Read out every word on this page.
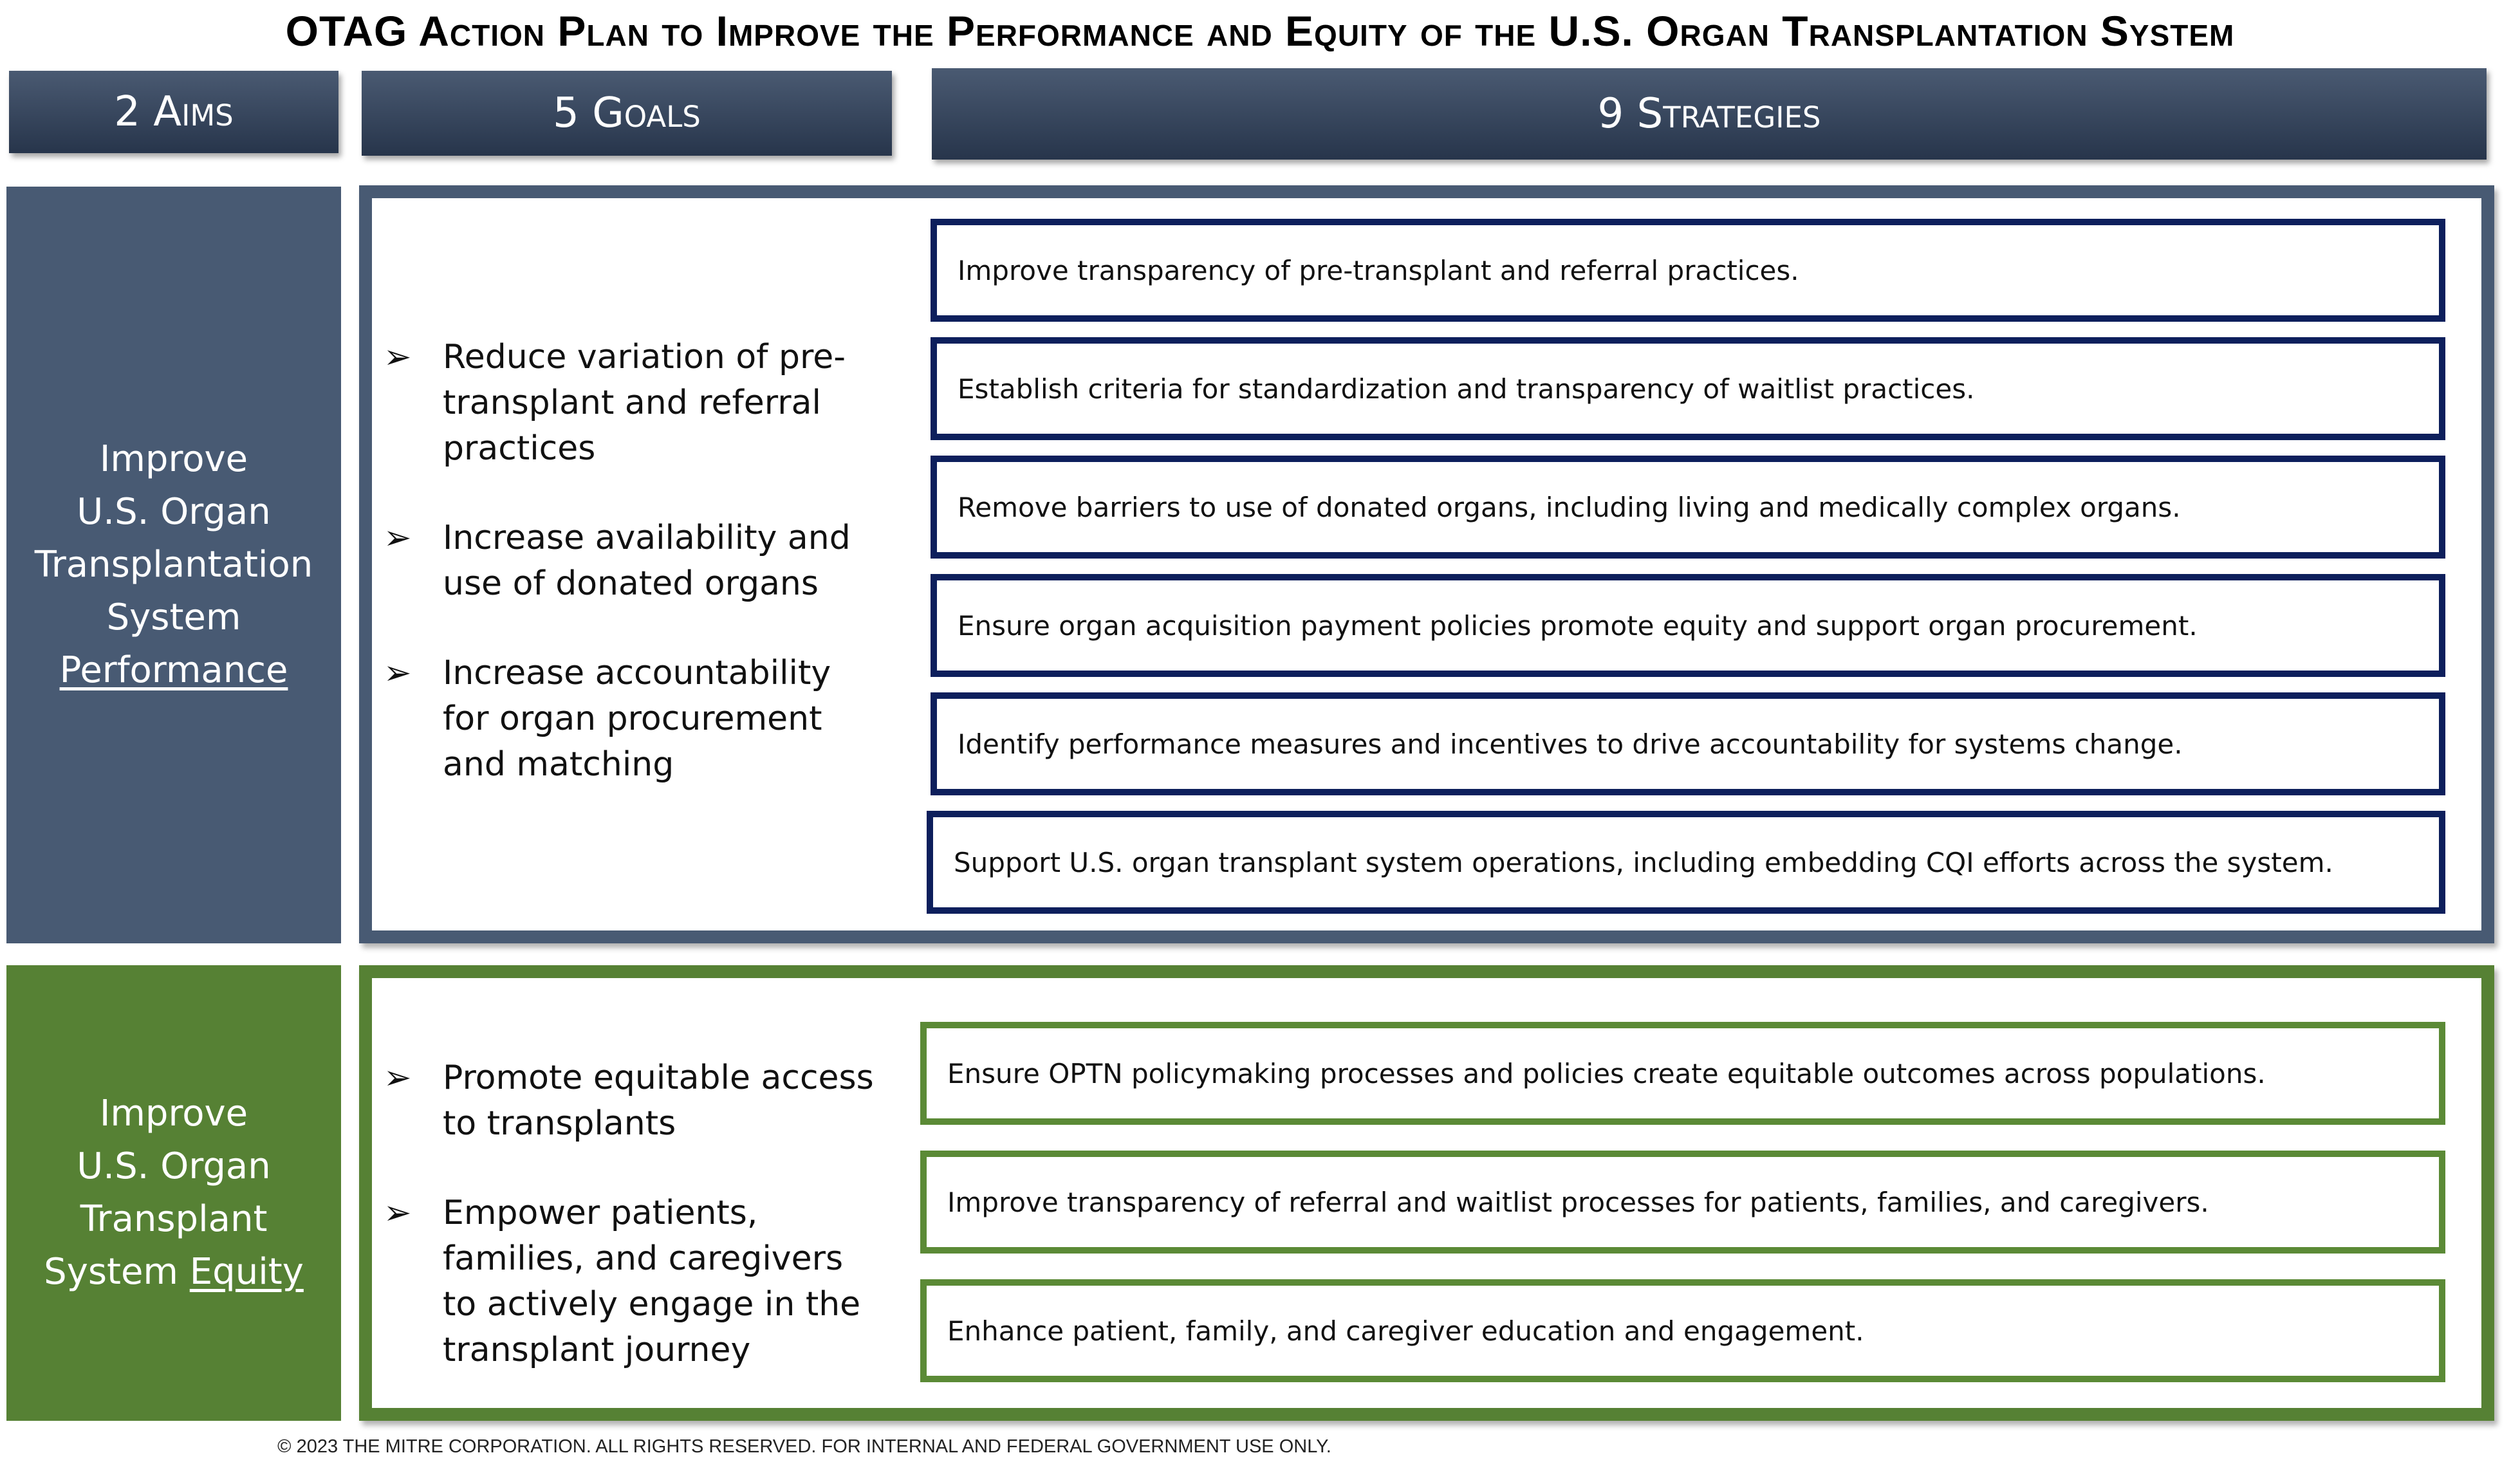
OTAG Action Plan to Improve the Performance and Equity of the U.S. Organ Transplantation System
2 Aims	5 Goals	9 Strategies
Improve
U.S. Organ
Transplantation
System
Performance
Improve
U.S. Organ
Transplant
System Equity
➢ Reduce variation of pre-transplant and referral practices
➢ Increase availability and use of donated organs
➢ Increase accountability for organ procurement and matching
Improve transparency of pre-transplant and referral practices.
Establish criteria for standardization and transparency of waitlist practices.
Remove barriers to use of donated organs, including living and medically complex organs.
Ensure organ acquisition payment policies promote equity and support organ procurement.
Identify performance measures and incentives to drive accountability for systems change.
Support U.S. organ transplant system operations, including embedding CQI efforts across the system.
➢ Promote equitable access to transplants
➢ Empower patients, families, and caregivers to actively engage in the transplant journey
Ensure OPTN policymaking processes and policies create equitable outcomes across populations.
Improve transparency of referral and waitlist processes for patients, families, and caregivers.
Enhance patient, family, and caregiver education and engagement.
© 2023 THE MITRE CORPORATION. ALL RIGHTS RESERVED. FOR INTERNAL AND FEDERAL GOVERNMENT USE ONLY.
